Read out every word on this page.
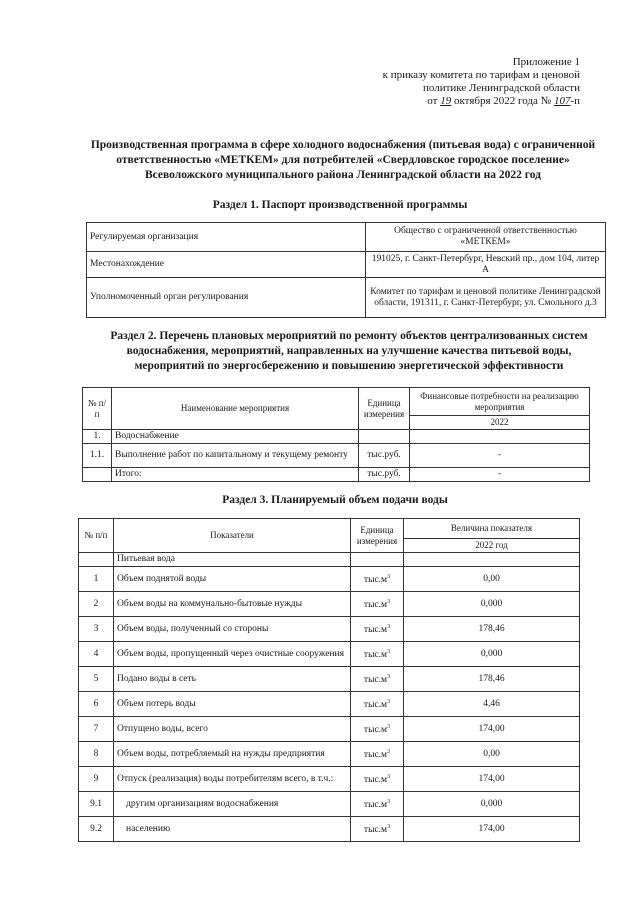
Приложение 1
к приказу комитета по тарифам и ценовой
политике Ленинградской области
от 19 октября 2022 года № 107-п
Производственная программа в сфере холодного водоснабжения (питьевая вода) с ограниченной ответственностью «МЕТКЕМ» для потребителей «Свердловское городское поселение» Всеволожского муниципального района Ленинградской области на 2022 год
Раздел 1. Паспорт производственной программы
Регулируемая организация	Общество с ограниченной ответственностью «МЕТКЕМ»
Местонахождение	191025, г. Санкт-Петербург, Невский пр., дом 104, литер А
Уполномоченный орган регулирования	Комитет по тарифам и ценовой политике Ленинградской области, 191311, г. Санкт-Петербург, ул. Смольного д.3
Раздел 2. Перечень плановых мероприятий по ремонту объектов централизованных систем водоснабжения, мероприятий, направленных на улучшение качества питьевой воды, мероприятий по энергосбережению и повышению энергетической эффективности
№ п/п	Наименование мероприятия	Единица измерения	Финансовые потребности на реализацию мероприятия
			2022
1.	Водоснабжение		
1.1.	Выполнение работ по капитальному и текущему ремонту	тыс.руб.	-
	Итого:	тыс.руб.	-
Раздел 3. Планируемый объем подачи воды
№ п/п	Показатели	Единица измерения	Величина показателя
			2022 год
	Питьевая вода		
1	Объем поднятой воды	$тыс.м^3$	0,00
2	Объем воды на коммунально-бытовые нужды	$тыс.м^3$	0,000
3	Объем воды, полученный со стороны	$тыс.м^3$	178,46
4	Объем воды, пропущенный через очистные сооружения	$тыс.м^3$	0,000
5	Подано воды в сеть	$тыс.м^3$	178,46
6	Объем потерь воды	$тыс.м^3$	4,46
7	Отпущено воды, всего	$тыс.м^3$	174,00
8	Объем воды, потребляемый на нужды предприятия	$тыс.м^3$	0,00
9	Отпуск (реализация) воды потребителям всего, в т.ч.:	$тыс.м^3$	174,00
9.1	другим организациям водоснабжения	$тыс.м^3$	0,000
9.2	населению	$тыс.м^3$	174,00
